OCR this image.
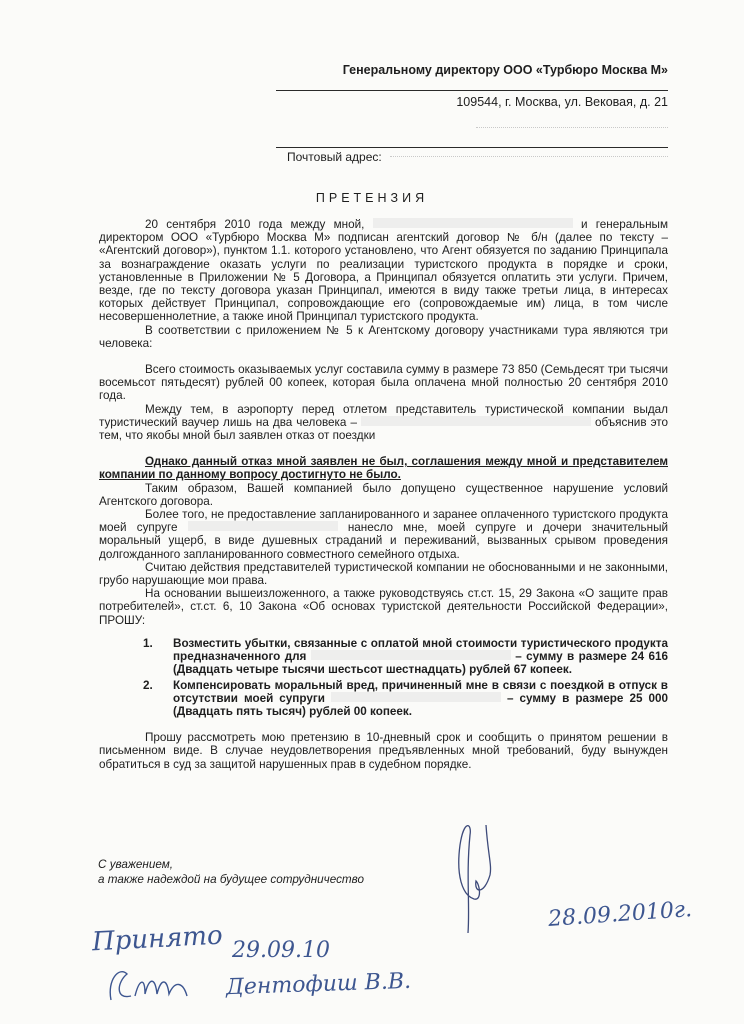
Генеральному директору ООО «Турбюро Москва М»
109544, г. Москва, ул. Вековая, д. 21
Почтовый адрес:
ПРЕТЕНЗИЯ

20 сентября 2010 года между мной,	и генеральным директором ООО «Турбюро Москва М» подписан агентский договор № б/н (далее по тексту – «Агентский договор»), пунктом 1.1. которого установлено, что Агент обязуется по заданию Принципала за вознаграждение оказать услуги по реализации туристского продукта в порядке и сроки, установленные в Приложении № 5 Договора, а Принципал обязуется оплатить эти услуги. Причем, везде, где по тексту договора указан Принципал, имеются в виду также третьи лица, в интересах которых действует Принципал, сопровождающие его (сопровождаемые им) лица, в том числе несовершеннолетние, а также иной Принципал туристского продукта.

В соответствии с приложением № 5 к Агентскому договору участниками тура являются три человека:

Всего стоимость оказываемых услуг составила сумму в размере 73 850 (Семьдесят три тысячи восемьсот пятьдесят) рублей 00 копеек, которая была оплачена мной полностью 20 сентября 2010 года.

Между тем, в аэропорту перед отлетом представитель туристической компании выдал туристический ваучер лишь на два человека –	объяснив это тем, что якобы мной был заявлен отказ от поездки

Однако данный отказ мной заявлен не был, соглашения между мной и представителем компании по данному вопросу достигнуто не было.

Таким образом, Вашей компанией было допущено существенное нарушение условий Агентского договора.

Более того, не предоставление запланированного и заранее оплаченного туристского продукта моей супруге	нанесло мне, моей супруге и дочери значительный моральный ущерб, в виде душевных страданий и переживаний, вызванных срывом проведения долгожданного запланированного совместного семейного отдыха.

Считаю действия представителей туристической компании не обоснованными и не законными, грубо нарушающие мои права.

На основании вышеизложенного, а также руководствуясь ст.ст. 15, 29 Закона «О защите прав потребителей», ст.ст. 6, 10 Закона «Об основах туристской деятельности Российской Федерации», ПРОШУ:

1. Возместить убытки, связанные с оплатой мной стоимости туристического продукта предназначенного для	– сумму в размере 24 616 (Двадцать четыре тысячи шестьсот шестнадцать) рублей 67 копеек.
2. Компенсировать моральный вред, причиненный мне в связи с поездкой в отпуск в отсутствии моей супруги	– сумму в размере 25 000 (Двадцать пять тысяч) рублей 00 копеек.

Прошу рассмотреть мою претензию в 10-дневный срок и сообщить о принятом решении в письменном виде. В случае неудовлетворения предъявленных мной требований, буду вынужден обратиться в суд за защитой нарушенных прав в судебном порядке.

С уважением,
а также надеждой на будущее сотрудничество
28.09.2010г.
Принято 29.09.10
Дентофиш В.В.
